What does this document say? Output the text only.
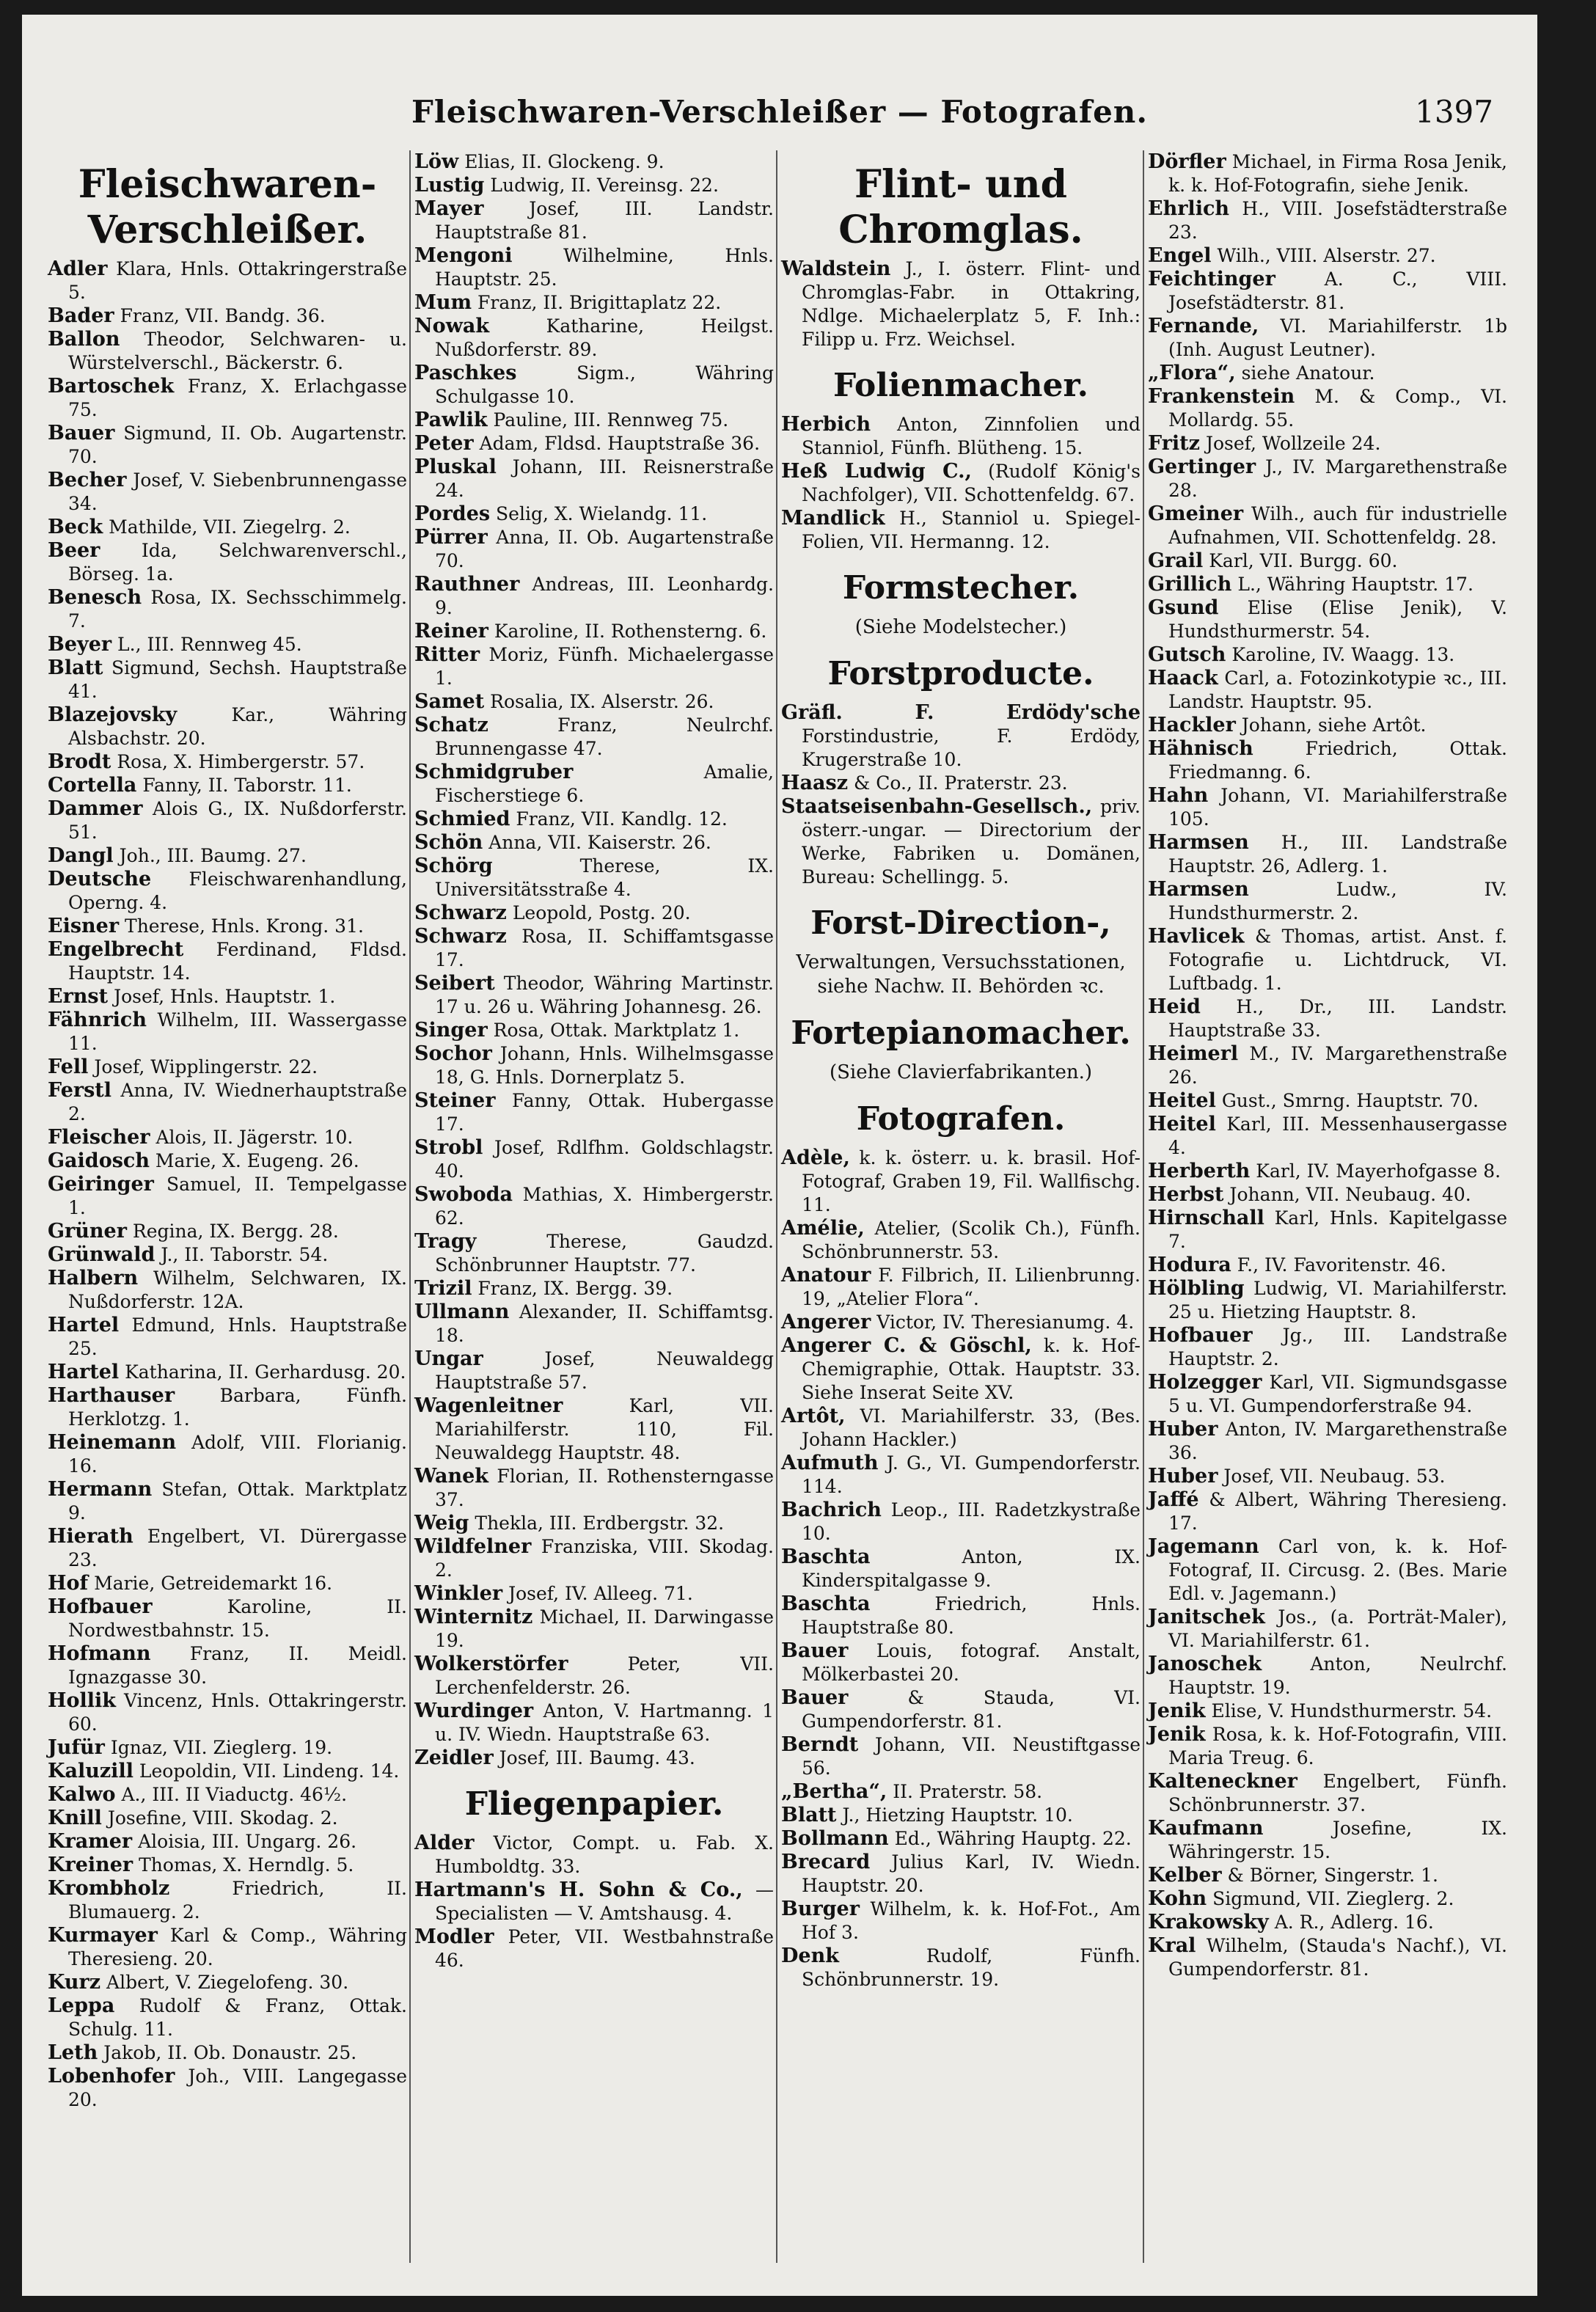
Fleischwaren-Verschleißer — Fotografen.	1397
Fleischwaren-Verschleißer.
Adler Klara, Hnls. Ottakringerstraße 5.
Bader Franz, VII. Bandg. 36.
Ballon Theodor, Selchwaren- u. Würstelverschl., Bäckerstr. 6.
Bartoschek Franz, X. Erlachgasse 75.
Bauer Sigmund, II. Ob. Augartenstr. 70.
Becher Josef, V. Siebenbrunnengasse 34.
Beck Mathilde, VII. Ziegelrg. 2.
Beer Ida, Selchwarenverschl., Börseg. 1a.
Benesch Rosa, IX. Sechsschimmelg. 7.
Beyer L., III. Rennweg 45.
Blatt Sigmund, Sechsh. Hauptstraße 41.
Blazejovsky	Kar., Währing Alsbachstr. 20.
Brodt Rosa, X. Himbergerstr. 57.
Cortella Fanny, II. Taborstr. 11.
Dammer Alois G., IX. Nußdorferstr. 51.
Dangl Joh., III. Baumg. 27.
Deutsche Fleischwarenhandlung, Operng. 4.
Eisner Therese, Hnls. Krong. 31.
Engelbrecht Ferdinand, Fldsd. Hauptstr. 14.
Ernst Josef, Hnls. Hauptstr. 1.
Fähnrich Wilhelm, III. Wassergasse 11.
Fell Josef, Wipplingerstr. 22.
Ferstl Anna, IV. Wiednerhauptstraße 2.
Fleischer Alois, II. Jägerstr. 10.
Gaidosch Marie, X. Eugeng. 26.
Geiringer Samuel, II. Tempelgasse 1.
Grüner Regina, IX. Bergg. 28.
Grünwald J., II. Taborstr. 54.
Halbern Wilhelm, Selchwaren, IX. Nußdorferstr. 12A.
Hartel Edmund, Hnls. Hauptstraße 25.
Hartel Katharina, II. Gerhardusg. 20.
Harthauser Barbara, Fünfh. Herklotzg. 1.
Heinemann Adolf, VIII. Florianig. 16.
Hermann Stefan, Ottak. Marktplatz 9.
Hierath Engelbert, VI. Dürergasse 23.
Hof Marie, Getreidemarkt 16.
Hofbauer	Karoline, II. Nordwestbahnstr. 15.
Hofmann Franz, II. Meidl. Ignazgasse 30.
Hollik Vincenz, Hnls. Ottakringerstr. 60.
Jufür Ignaz, VII. Zieglerg. 19.
Kaluzill Leopoldin, VII. Lindeng. 14.
Kalwo A., III. II Viaductg. 46½.
Knill Josefine, VIII. Skodag. 2.
Kramer Aloisia, III. Ungarg. 26.
Kreiner Thomas, X. Herndlg. 5.
Krombholz	Friedrich, II. Blumauerg. 2.
Kurmayer Karl & Comp., Währing Theresieng. 20.
Kurz Albert, V. Ziegelofeng. 30.
Leppa Rudolf & Franz, Ottak. Schulg. 11.
Leth Jakob, II. Ob. Donaustr. 25.
Lobenhofer Joh., VIII. Langegasse 20.
Löw Elias, II. Glockeng. 9.
Lustig Ludwig, II. Vereinsg. 22.
Mayer Josef, III. Landstr. Hauptstraße 81.
Mengoni	Wilhelmine, Hnls. Hauptstr. 25.
Mum Franz, II. Brigittaplatz 22.
Nowak	Katharine, Heilgst. Nußdorferstr. 89.
Paschkes	Sigm., Währing Schulgasse 10.
Pawlik Pauline, III. Rennweg 75.
Peter Adam, Fldsd. Hauptstraße 36.
Pluskal Johann, III. Reisnerstraße 24.
Pordes Selig, X. Wielandg. 11.
Pürrer Anna, II. Ob. Augartenstraße 70.
Rauthner Andreas, III. Leonhardg. 9.
Reiner Karoline, II. Rothensterng. 6.
Ritter Moriz, Fünfh. Michaelergasse 1.
Samet Rosalia, IX. Alserstr. 26.
Schatz	Franz, Neulrchf. Brunnengasse 47.
Schmidgruber	Amalie, Fischerstiege 6.
Schmied Franz, VII. Kandlg. 12.
Schön Anna, VII. Kaiserstr. 26.
Schörg	Therese, IX. Universitätsstraße 4.
Schwarz Leopold, Postg. 20.
Schwarz Rosa, II. Schiffamtsgasse 17.
Seibert Theodor, Währing Martinstr. 17 u. 26 u. Währing Johannesg. 26.
Singer Rosa, Ottak. Marktplatz 1.
Sochor Johann, Hnls. Wilhelmsgasse 18, G. Hnls. Dornerplatz 5.
Steiner Fanny, Ottak. Hubergasse 17.
Strobl Josef, Rdlfhm. Goldschlagstr. 40.
Swoboda Mathias, X. Himbergerstr. 62.
Tragy	Therese, Gaudzd. Schönbrunner Hauptstr. 77.
Trizil Franz, IX. Bergg. 39.
Ullmann Alexander, II. Schiffamtsg. 18.
Ungar	Josef, Neuwaldegg Hauptstraße 57.
Wagenleitner	Karl, VII. Mariahilferstr. 110, Fil. Neuwaldegg Hauptstr. 48.
Wanek Florian, II. Rothensterngasse 37.
Weig Thekla, III. Erdbergstr. 32.
Wildfelner Franziska, VIII. Skodag. 2.
Winkler Josef, IV. Alleeg. 71.
Winternitz Michael, II. Darwingasse 19.
Wolkerstörfer	Peter, VII. Lerchenfelderstr. 26.
Wurdinger Anton, V. Hartmanng. 1 u. IV. Wiedn. Hauptstraße 63.
Zeidler Josef, III. Baumg. 43.
Fliegenpapier.
Alder Victor, Compt. u. Fab. X. Humboldtg. 33.
Hartmann's H. Sohn & Co., — Specialisten — V. Amtshausg. 4.
Modler Peter, VII. Westbahnstraße 46.
Flint- und Chromglas.
Waldstein J., I. österr. Flint- und Chromglas-Fabr. in Ottakring, Ndlge. Michaelerplatz 5, F. Inh.: Filipp u. Frz. Weichsel.
Folienmacher.
Herbich Anton, Zinnfolien und Stanniol, Fünfh. Blütheng. 15.
Heß Ludwig C., (Rudolf König's Nachfolger), VII. Schottenfeldg. 67.
Mandlick H., Stanniol u. Spiegel-Folien, VII. Hermanng. 12.
Formstecher.
(Siehe Modelstecher.)
Forstproducte.
Gräfl. F. Erdödy'sche Forstindustrie, F. Erdödy, Krugerstraße 10.
Haasz & Co., II. Praterstr. 23.
Staatseisenbahn-Gesellsch., priv. österr.-ungar. — Directorium der Werke, Fabriken u. Domänen, Bureau: Schellingg. 5.
Forst-Direction-,
Verwaltungen, Versuchsstationen, siehe Nachw. II. Behörden ꝛc.
Fortepianomacher.
(Siehe Clavierfabrikanten.)
Fotografen.
Adèle, k. k. österr. u. k. brasil. Hof-Fotograf, Graben 19, Fil. Wallfischg. 11.
Amélie, Atelier, (Scolik Ch.), Fünfh. Schönbrunnerstr. 53.
Anatour F. Filbrich, II. Lilienbrunng. 19, „Atelier Flora“.
Angerer Victor, IV. Theresianumg. 4.
Angerer C. & Göschl, k. k. Hof-Chemigraphie, Ottak. Hauptstr. 33. Siehe Inserat Seite XV.
Artôt, VI. Mariahilferstr. 33, (Bes. Johann Hackler.)
Aufmuth J. G., VI. Gumpendorferstr. 114.
Bachrich Leop., III. Radetzkystraße 10.
Baschta	Anton, IX. Kinderspitalgasse 9.
Baschta	Friedrich, Hnls. Hauptstraße 80.
Bauer Louis, fotograf. Anstalt, Mölkerbastei 20.
Bauer	& Stauda, VI. Gumpendorferstr. 81.
Berndt Johann, VII. Neustiftgasse 56.
„Bertha“, II. Praterstr. 58.
Blatt J., Hietzing Hauptstr. 10.
Bollmann Ed., Währing Hauptg. 22.
Brecard Julius Karl, IV. Wiedn. Hauptstr. 20.
Burger Wilhelm, k. k. Hof-Fot., Am Hof 3.
Denk	Rudolf, Fünfh. Schönbrunnerstr. 19.
Dörfler Michael, in Firma Rosa Jenik, k. k. Hof-Fotografin, siehe Jenik.
Ehrlich H., VIII. Josefstädterstraße 23.
Engel Wilh., VIII. Alserstr. 27.
Feichtinger	A. C., VIII. Josefstädterstr. 81.
Fernande, VI. Mariahilferstr. 1b (Inh. August Leutner).
„Flora“, siehe Anatour.
Frankenstein M. & Comp., VI. Mollardg. 55.
Fritz Josef, Wollzeile 24.
Gertinger J., IV. Margarethenstraße 28.
Gmeiner Wilh., auch für industrielle Aufnahmen, VII. Schottenfeldg. 28.
Grail Karl, VII. Burgg. 60.
Grillich L., Währing Hauptstr. 17.
Gsund Elise (Elise Jenik), V. Hundsthurmerstr. 54.
Gutsch Karoline, IV. Waagg. 13.
Haack Carl, a. Fotozinkotypie ꝛc., III. Landstr. Hauptstr. 95.
Hackler Johann, siehe Artôt.
Hähnisch	Friedrich, Ottak. Friedmanng. 6.
Hahn Johann, VI. Mariahilferstraße 105.
Harmsen H., III. Landstraße Hauptstr. 26, Adlerg. 1.
Harmsen	Ludw., IV. Hundsthurmerstr. 2.
Havlicek & Thomas, artist. Anst. f. Fotografie u. Lichtdruck, VI. Luftbadg. 1.
Heid H., Dr., III. Landstr. Hauptstraße 33.
Heimerl M., IV. Margarethenstraße 26.
Heitel Gust., Smrng. Hauptstr. 70.
Heitel Karl, III. Messenhausergasse 4.
Herberth Karl, IV. Mayerhofgasse 8.
Herbst Johann, VII. Neubaug. 40.
Hirnschall Karl, Hnls. Kapitelgasse 7.
Hodura F., IV. Favoritenstr. 46.
Hölbling Ludwig, VI. Mariahilferstr. 25 u. Hietzing Hauptstr. 8.
Hofbauer Jg., III. Landstraße Hauptstr. 2.
Holzegger Karl, VII. Sigmundsgasse 5 u. VI. Gumpendorferstraße 94.
Huber Anton, IV. Margarethenstraße 36.
Huber Josef, VII. Neubaug. 53.
Jaffé & Albert, Währing Theresieng. 17.
Jagemann Carl von, k. k. Hof-Fotograf, II. Circusg. 2. (Bes. Marie Edl. v. Jagemann.)
Janitschek Jos., (a. Porträt-Maler), VI. Mariahilferstr. 61.
Janoschek	Anton, Neulrchf. Hauptstr. 19.
Jenik Elise, V. Hundsthurmerstr. 54.
Jenik Rosa, k. k. Hof-Fotografin, VIII. Maria Treug. 6.
Kalteneckner Engelbert, Fünfh. Schönbrunnerstr. 37.
Kaufmann	Josefine, IX. Währingerstr. 15.
Kelber & Börner, Singerstr. 1.
Kohn Sigmund, VII. Zieglerg. 2.
Krakowsky A. R., Adlerg. 16.
Kral Wilhelm, (Stauda's Nachf.), VI. Gumpendorferstr. 81.
